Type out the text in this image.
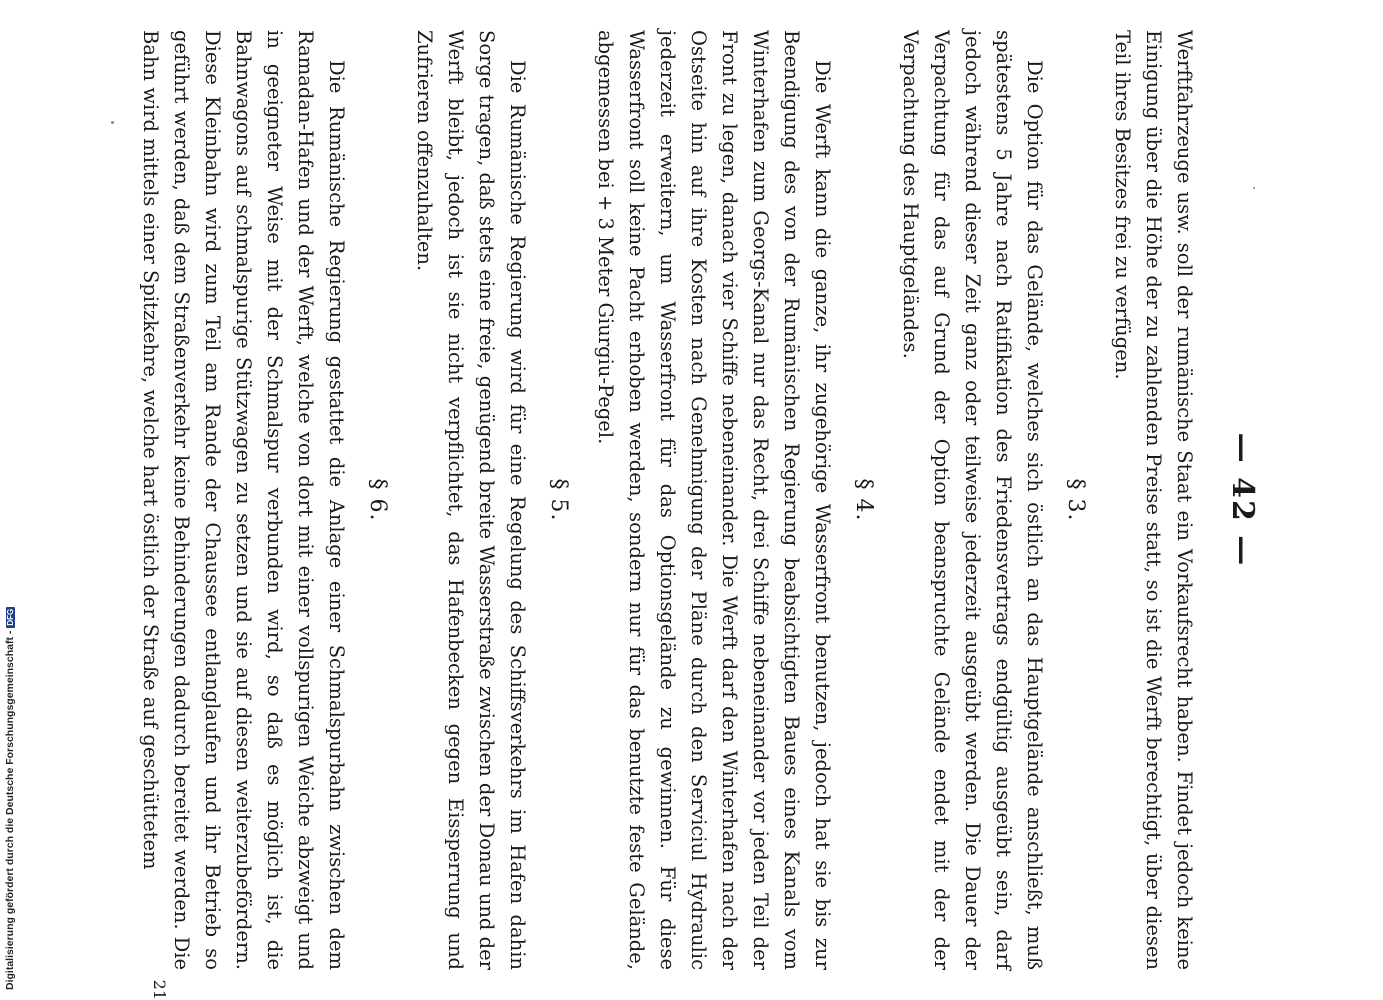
— 42 —

Werftfahrzeuge usw. soll der rumänische Staat ein Vorkaufsrecht haben. Findet jedoch keine Einigung über die Höhe der zu zahlenden Preise statt, so ist die Werft berechtigt, über diesen Teil ihres Besitzes frei zu verfügen.

§ 3.

Die Option für das Gelände, welches sich östlich an das Hauptgelände anschließt, muß spätestens 5 Jahre nach Ratifikation des Friedensvertrags endgültig ausgeübt sein, darf jedoch während dieser Zeit ganz oder teilweise jederzeit ausgeübt werden. Die Dauer der Verpachtung für das auf Grund der Option beanspruchte Gelände endet mit der der Verpachtung des Hauptgeländes.

§ 4.

Die Werft kann die ganze, ihr zugehörige Wasserfront benutzen, jedoch hat sie bis zur Beendigung des von der Rumänischen Regierung beabsichtigten Baues eines Kanals vom Winterhafen zum Georgs-Kanal nur das Recht, drei Schiffe nebeneinander vor jeden Teil der Front zu legen, danach vier Schiffe nebeneinander. Die Werft darf den Winterhafen nach der Ostseite hin auf ihre Kosten nach Genehmigung der Pläne durch den Serviciul Hydraulic jederzeit erweitern, um Wasserfront für das Optionsgelände zu gewinnen. Für diese Wasserfront soll keine Pacht erhoben werden, sondern nur für das benutzte feste Gelände, abgemessen bei + 3 Meter Giurgiu-Pegel.

§ 5.

Die Rumänische Regierung wird für eine Regelung des Schiffsverkehrs im Hafen dahin Sorge tragen, daß stets eine freie, genügend breite Wasserstraße zwischen der Donau und der Werft bleibt, jedoch ist sie nicht verpflichtet, das Hafenbecken gegen Eissperrung und Zufrieren offenzuhalten.

§ 6.

Die Rumänische Regierung gestattet die Anlage einer Schmalspurbahn zwischen dem Ramadan-Hafen und der Werft, welche von dort mit einer vollspurigen Weiche abzweigt und in geeigneter Weise mit der Schmalspur verbunden wird, so daß es möglich ist, die Bahnwagons auf schmalspurige Stützwagen zu setzen und sie auf diesen weiterzubefördern. Diese Kleinbahn wird zum Teil am Rande der Chaussee entlanglaufen und ihr Betrieb so geführt werden, daß dem Straßenverkehr keine Behinderungen dadurch bereitet werden. Die Bahn wird mittels einer Spitzkehre, welche hart östlich der Straße auf geschüttetem

21
Digitalisierung gefördert durch die Deutsche Forschungsgemeinschaft -DFG
